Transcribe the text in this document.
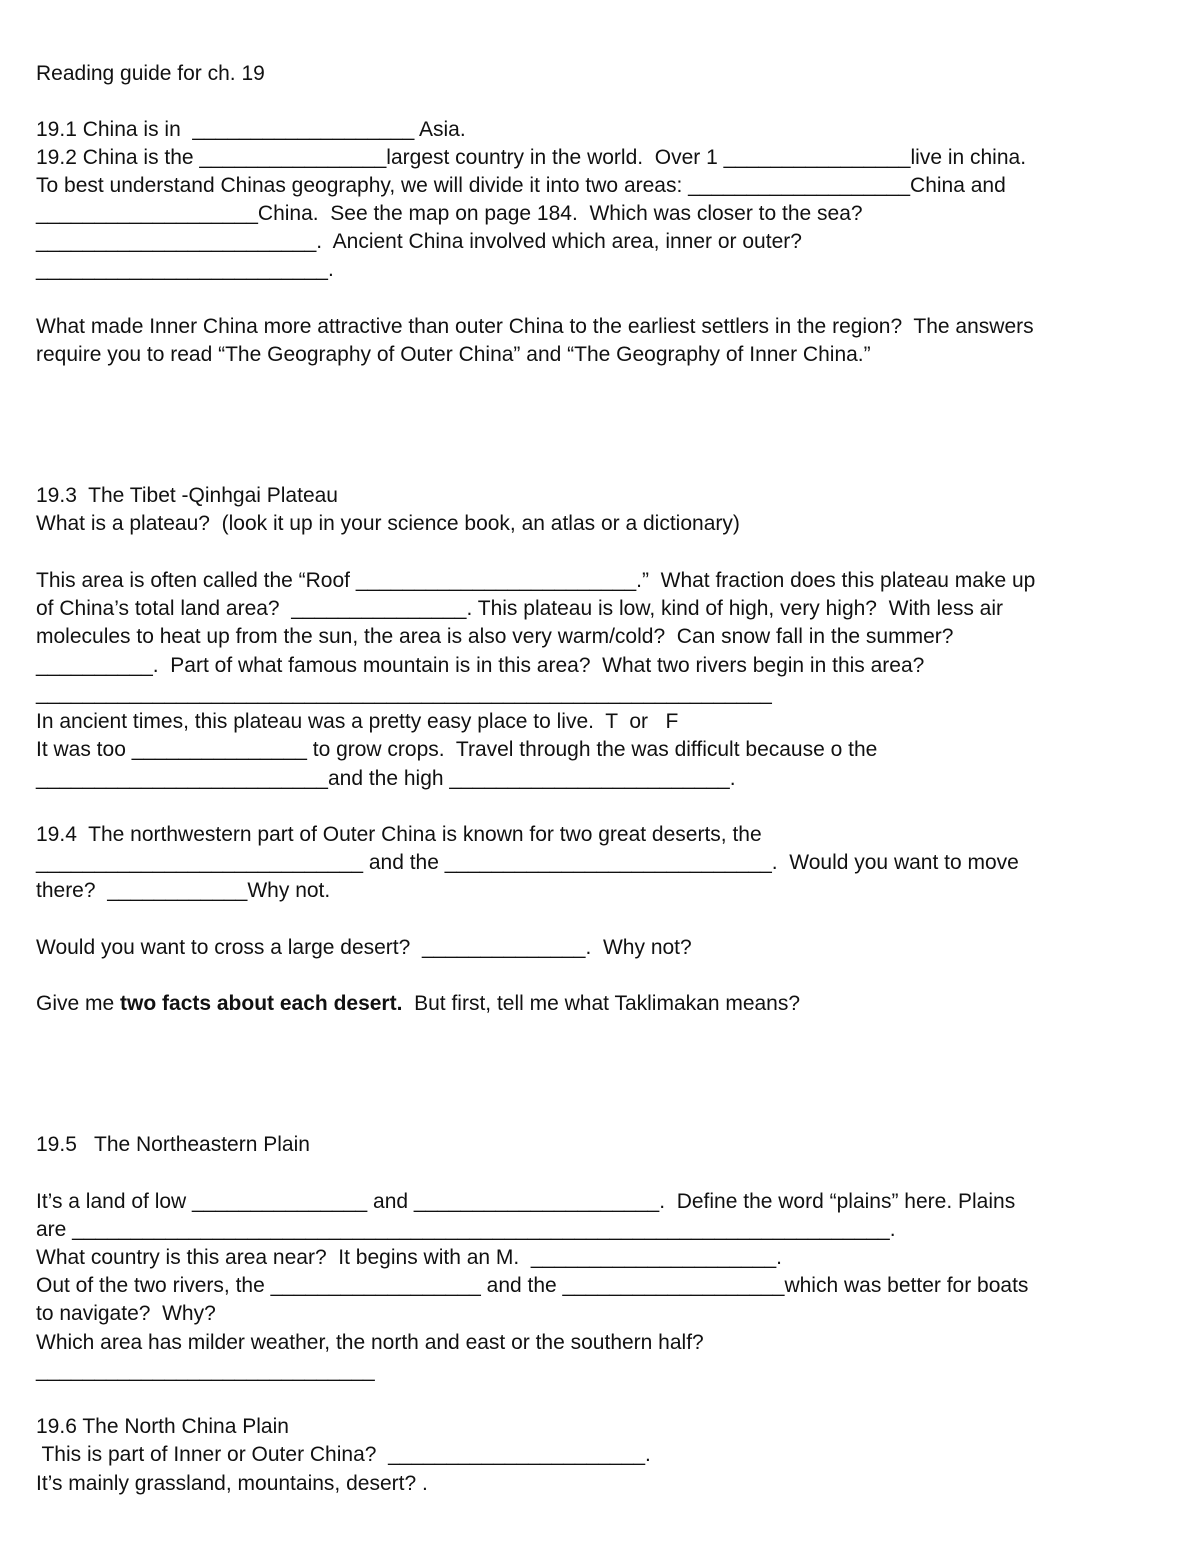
Reading guide for ch. 19
19.1 China is in  ___________________ Asia.
19.2 China is the ________________largest country in the world.  Over 1 ________________live in china.
To best understand Chinas geography, we will divide it into two areas: ___________________China and
___________________China.  See the map on page 184.  Which was closer to the sea?
________________________.  Ancient China involved which area, inner or outer?
_________________________.
What made Inner China more attractive than outer China to the earliest settlers in the region?  The answers
require you to read “The Geography of Outer China” and “The Geography of Inner China.”
19.3  The Tibet -Qinhgai Plateau
What is a plateau?  (look it up in your science book, an atlas or a dictionary)
This area is often called the “Roof ________________________.”  What fraction does this plateau make up
of China’s total land area?  _______________. This plateau is low, kind of high, very high?  With less air
molecules to heat up from the sun, the area is also very warm/cold?  Can snow fall in the summer?
__________.  Part of what famous mountain is in this area?  What two rivers begin in this area?
_______________________________________________________________
In ancient times, this plateau was a pretty easy place to live.  T  or   F
It was too _______________ to grow crops.  Travel through the was difficult because o the
_________________________and the high ________________________.
19.4  The northwestern part of Outer China is known for two great deserts, the
____________________________ and the ____________________________.  Would you want to move
there?  ____________Why not.
Would you want to cross a large desert?  ______________.  Why not?
Give me two facts about each desert.  But first, tell me what Taklimakan means?
19.5   The Northeastern Plain
It’s a land of low _______________ and _____________________.  Define the word “plains” here. Plains
are ______________________________________________________________________.
What country is this area near?  It begins with an M.  _____________________.
Out of the two rivers, the __________________ and the ___________________which was better for boats
to navigate?  Why?
Which area has milder weather, the north and east or the southern half?
_____________________________
19.6 The North China Plain
This is part of Inner or Outer China?  ______________________.
It’s mainly grassland, mountains, desert? .
